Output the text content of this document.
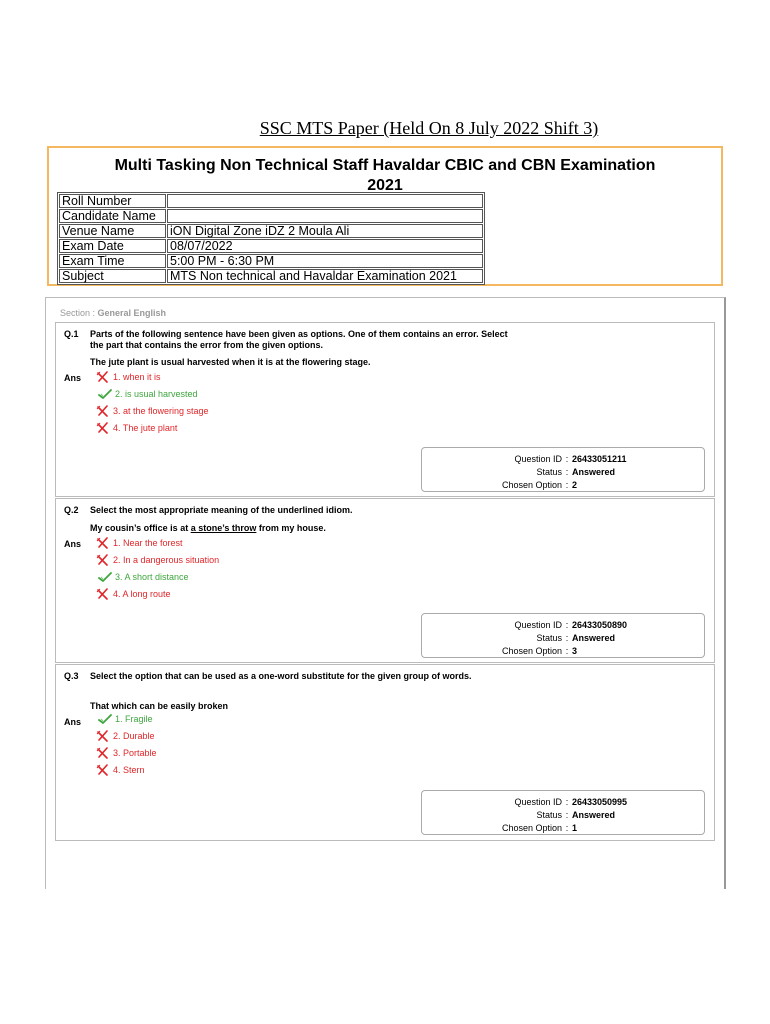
SSC MTS Paper (Held On 8 July 2022 Shift 3)
Multi Tasking Non Technical Staff Havaldar CBIC and CBN Examination
2021
Roll Number	
Candidate Name	
Venue Name	iON Digital Zone iDZ 2 Moula Ali
Exam Date	08/07/2022
Exam Time	5:00 PM - 6:30 PM
Subject	MTS Non technical and Havaldar Examination 2021
Section : General English
Q.1 Parts of the following sentence have been given as options. One of them contains an error. Select the part that contains the error from the given options.
The jute plant is usual harvested when it is at the flowering stage.
Ans	1. when it is
2. is usual harvested
3. at the flowering stage
4. The jute plant
Question ID : 26433051211
Status : Answered
Chosen Option : 2
Q.2 Select the most appropriate meaning of the underlined idiom.
My cousin’s office is at a stone’s throw from my house.
Ans	1. Near the forest
2. In a dangerous situation
3. A short distance
4. A long route
Question ID : 26433050890
Status : Answered
Chosen Option : 3
Q.3 Select the option that can be used as a one-word substitute for the given group of words.
That which can be easily broken
Ans	1. Fragile
2. Durable
3. Portable
4. Stern
Question ID : 26433050995
Status : Answered
Chosen Option : 1
